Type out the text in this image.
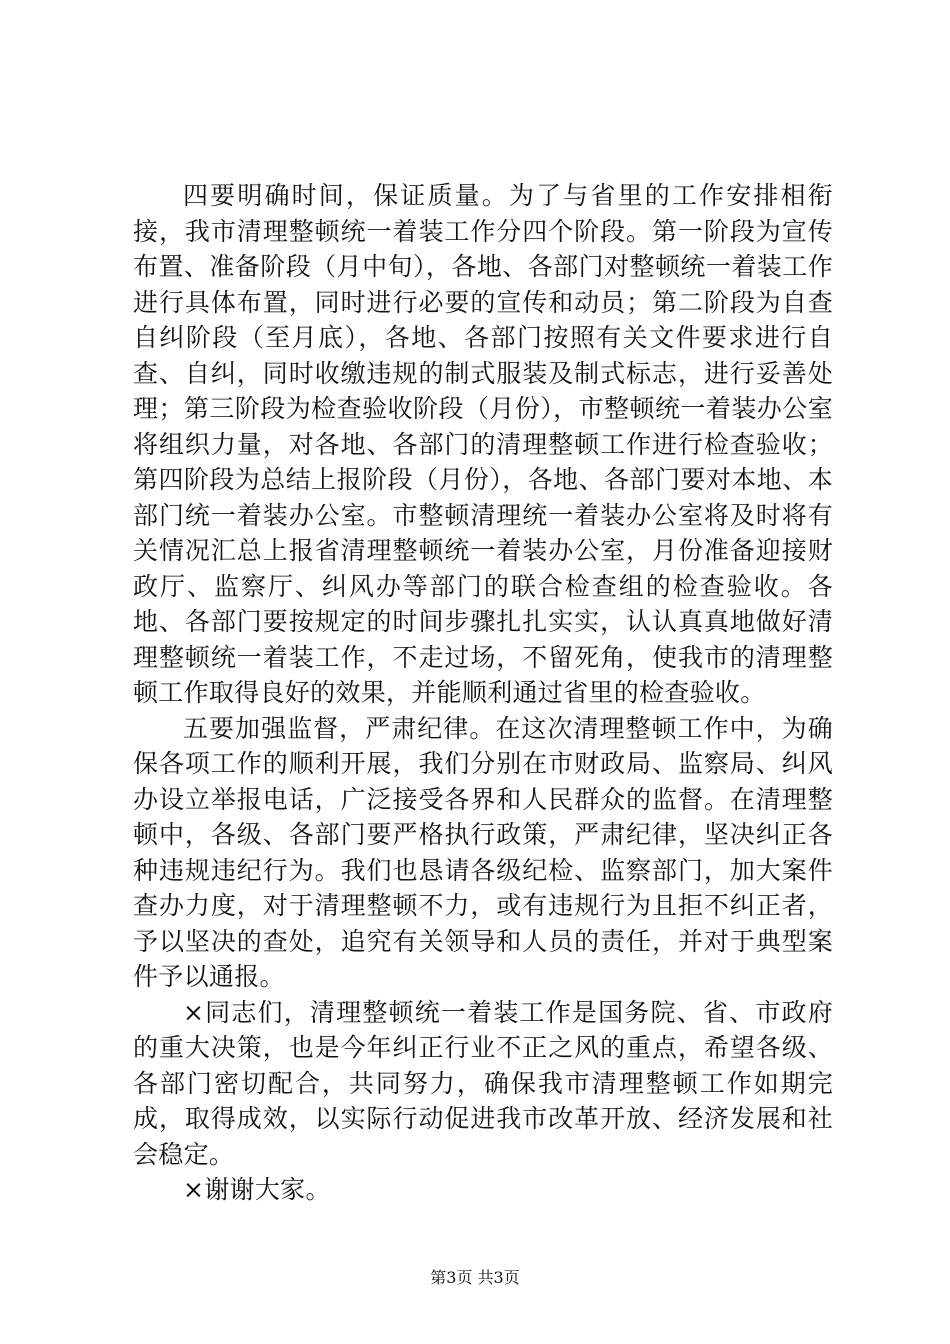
四要明确时间，保证质量。为了与省里的工作安排相衔接，我市清理整顿统一着装工作分四个阶段。第一阶段为宣传布置、准备阶段（月中旬），各地、各部门对整顿统一着装工作进行具体布置，同时进行必要的宣传和动员；第二阶段为自查自纠阶段（至月底），各地、各部门按照有关文件要求进行自查、自纠，同时收缴违规的制式服装及制式标志，进行妥善处理；第三阶段为检查验收阶段（月份），市整顿统一着装办公室将组织力量，对各地、各部门的清理整顿工作进行检查验收；第四阶段为总结上报阶段（月份），各地、各部门要对本地、本部门统一着装办公室。市整顿清理统一着装办公室将及时将有关情况汇总上报省清理整顿统一着装办公室，月份准备迎接财政厅、监察厅、纠风办等部门的联合检查组的检查验收。各地、各部门要按规定的时间步骤扎扎实实，认认真真地做好清理整顿统一着装工作，不走过场，不留死角，使我市的清理整顿工作取得良好的效果，并能顺利通过省里的检查验收。

五要加强监督，严肃纪律。在这次清理整顿工作中，为确保各项工作的顺利开展，我们分别在市财政局、监察局、纠风办设立举报电话，广泛接受各界和人民群众的监督。在清理整顿中，各级、各部门要严格执行政策，严肃纪律，坚决纠正各种违规违纪行为。我们也恳请各级纪检、监察部门，加大案件查办力度，对于清理整顿不力，或有违规行为且拒不纠正者，予以坚决的查处，追究有关领导和人员的责任，并对于典型案件予以通报。

×同志们，清理整顿统一着装工作是国务院、省、市政府的重大决策，也是今年纠正行业不正之风的重点，希望各级、各部门密切配合，共同努力，确保我市清理整顿工作如期完成，取得成效，以实际行动促进我市改革开放、经济发展和社会稳定。

×谢谢大家。

第3页 共3页
